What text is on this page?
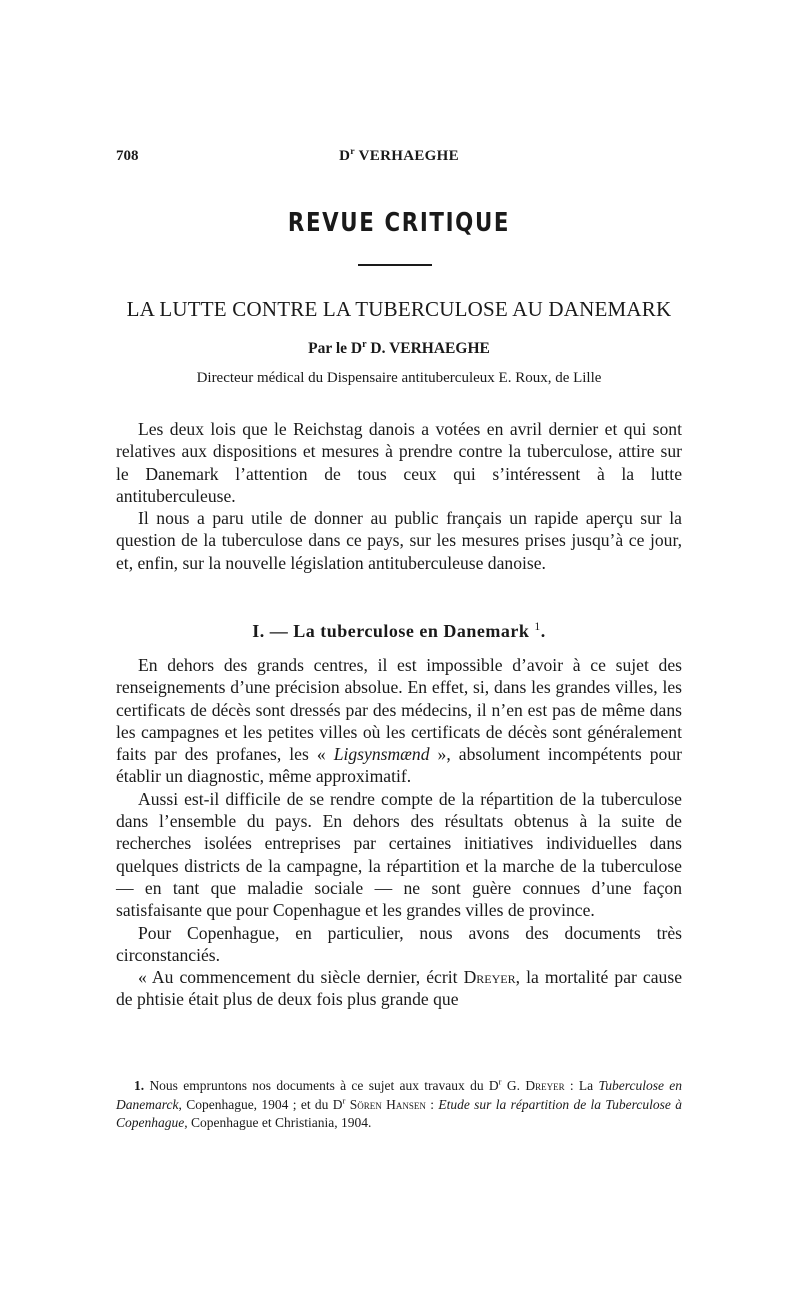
708	$D^r$ VERHAEGHE
REVUE CRITIQUE
LA LUTTE CONTRE LA TUBERCULOSE AU DANEMARK
Par le $D^r$ D. VERHAEGHE
Directeur médical du Dispensaire antituberculeux E. Roux, de Lille

Les deux lois que le Reichstag danois a votées en avril dernier et qui sont relatives aux dispositions et mesures à prendre contre la tuberculose, attire sur le Danemark l’attention de tous ceux qui s’intéressent à la lutte antituberculeuse.

Il nous a paru utile de donner au public français un rapide aperçu sur la question de la tuberculose dans ce pays, sur les mesures prises jusqu’à ce jour, et, enfin, sur la nouvelle législation antituberculeuse danoise.

I. — La tuberculose en Danemark $^1$.

En dehors des grands centres, il est impossible d’avoir à ce sujet des renseignements d’une précision absolue. En effet, si, dans les grandes villes, les certificats de décès sont dressés par des médecins, il n’en est pas de même dans les campagnes et les petites villes où les certificats de décès sont généralement faits par des profanes, les « Ligsynsmænd », absolument incompétents pour établir un diagnostic, même approximatif.

Aussi est-il difficile de se rendre compte de la répartition de la tuberculose dans l’ensemble du pays. En dehors des résultats obtenus à la suite de recherches isolées entreprises par certaines initiatives individuelles dans quelques districts de la campagne, la répartition et la marche de la tuberculose — en tant que maladie sociale — ne sont guère connues d’une façon satisfaisante que pour Copenhague et les grandes villes de province.

Pour Copenhague, en particulier, nous avons des documents très circonstanciés.

« Au commencement du siècle dernier, écrit Dreyer, la mortalité par cause de phtisie était plus de deux fois plus grande que

1. Nous empruntons nos documents à ce sujet aux travaux du $D^r$ G. Dreyer : La Tuberculose en Danemarck, Copenhague, 1904 ; et du $D^r$ Sören Hansen : Etude sur la répartition de la Tuberculose à Copenhague, Copenhague et Christiania, 1904.
